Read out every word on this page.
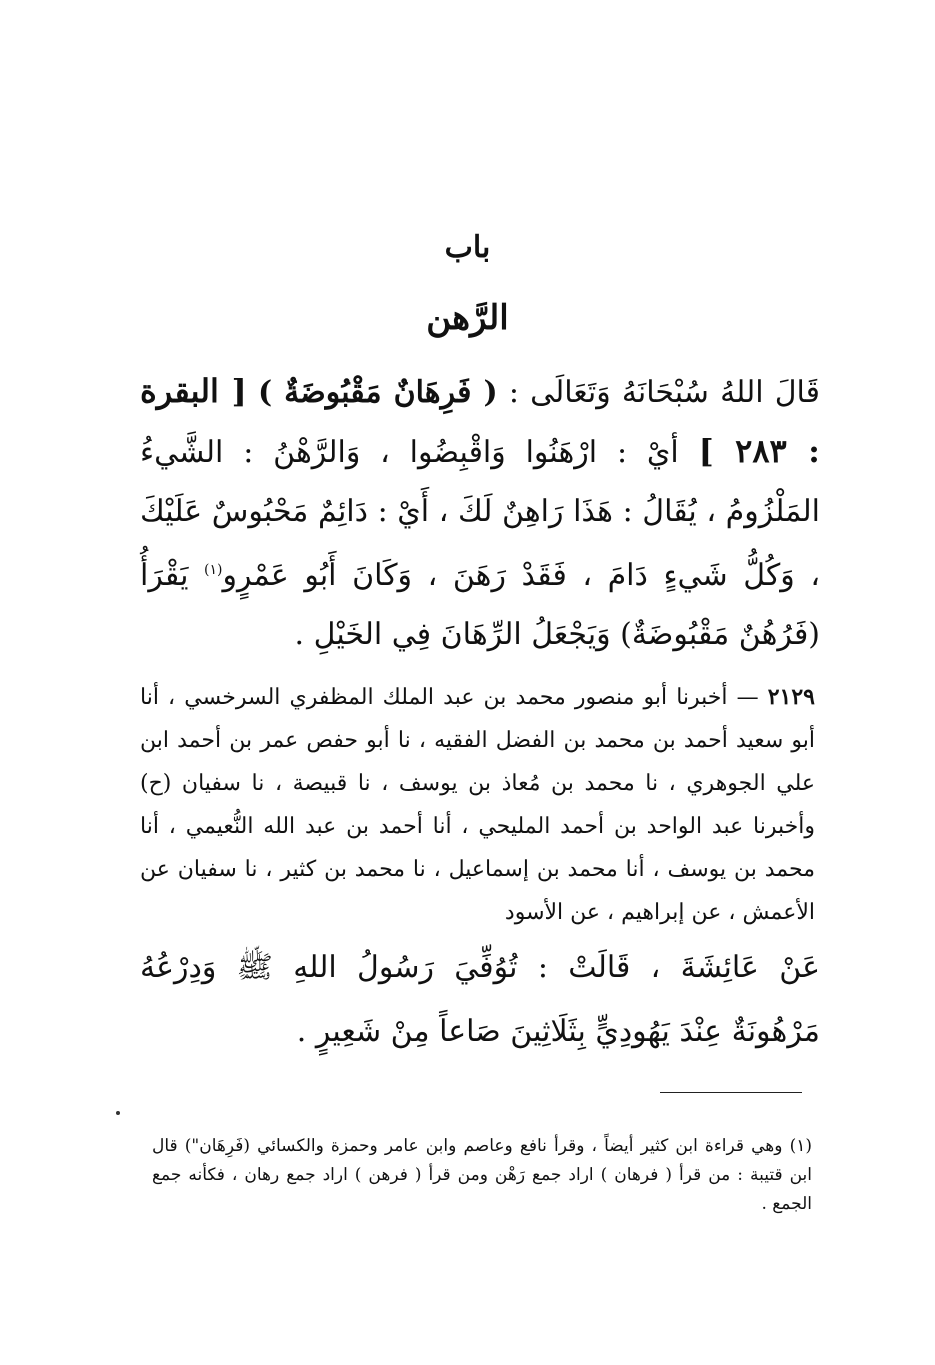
باب
الرَّهن
قَالَ اللهُ سُبْحَانَهُ وَتَعَالَى : ( فَرِهَانٌ مَقْبُوضَةٌ ) [ البقرة : ٢٨٣ ] أيْ : ارْهَنُوا وَاقْبِضُوا ، وَالرَّهْنُ : الشَّيءُ المَلْزُومُ ، يُقَالُ : هَذَا رَاهِنٌ لَكَ ، أَيْ : دَائِمٌ مَحْبُوسٌ عَلَيْكَ ، وَكُلُّ شَيءٍ دَامَ ، فَقَدْ رَهَنَ ، وَكَانَ أَبُو عَمْرٍو$^{(١)}$ يَقْرَأُ (فَرُهُنٌ مَقْبُوضَةٌ) وَيَجْعَلُ الرِّهَانَ فِي الخَيْلِ .
٢١٢٩ — أخبرنا أبو منصور محمد بن عبد الملك المظفري السرخسي ، أنا أبو سعيد أحمد بن محمد بن الفضل الفقيه ، نا أبو حفص عمر بن أحمد ابن علي الجوهري ، نا محمد بن مُعاذ بن يوسف ، نا قبيصة ، نا سفيان (ح) وأخبرنا عبد الواحد بن أحمد المليحي ، أنا أحمد بن عبد الله النُّعيمي ، أنا محمد بن يوسف ، أنا محمد بن إسماعيل ، نا محمد بن كثير ، نا سفيان عن الأعمش ، عن إبراهيم ، عن الأسود
عَنْ عَائِشَةَ ، قَالَتْ : تُوُفِّيَ رَسُولُ اللهِ ﷺ وَدِرْعُهُ مَرْهُونَةٌ عِنْدَ يَهُودِيٍّ بِثَلَاثِينَ صَاعاً مِنْ شَعِيرٍ .

(١) وهي قراءة ابن كثير أيضاً ، وقرأ نافع وعاصم وابن عامر وحمزة والكسائي (فَرِهَان") قال ابن قتيبة : من قرأ ( فرهان ) اراد جمع رَهْن ومن قرأ ( فرهن ) اراد جمع رهان ، فكأنه جمع الجمع .
